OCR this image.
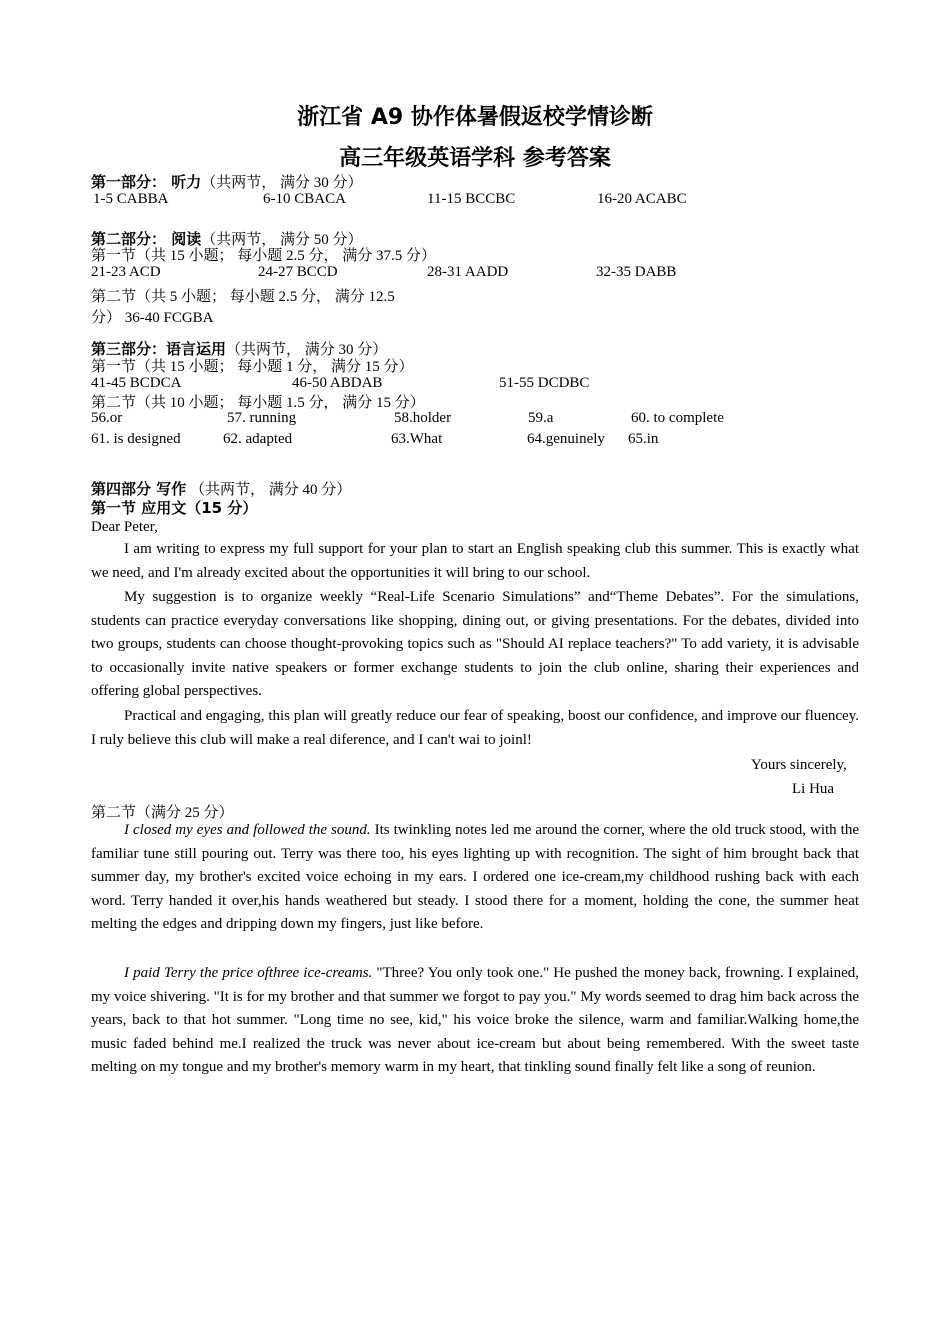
浙江省 A9 协作体暑假返校学情诊断
高三年级英语学科 参考答案
第一部分： 听力（共两节， 满分 30 分）
1-5 CABBA	6-10 CBACA	11-15 BCCBC	16-20 ACABC
第二部分： 阅读（共两节， 满分 50 分）
第一节（共 15 小题； 每小题 2.5 分， 满分 37.5 分）
21-23 ACD	24-27 BCCD	28-31 AADD	32-35 DABB
第二节（共 5 小题； 每小题 2.5 分， 满分 12.5
分） 36-40 FCGBA
第三部分：语言运用（共两节， 满分 30 分）
第一节（共 15 小题； 每小题 1 分， 满分 15 分）
41-45 BCDCA	46-50 ABDAB	51-55 DCDBC
第二节（共 10 小题； 每小题 1.5 分， 满分 15 分）
56.or	57. running	58.holder	59.a	60. to complete
61. is designed	62. adapted	63.What	64.genuinely 65.in
第四部分 写作 （共两节， 满分 40 分）
第一节 应用文（15 分）
Dear Peter,
I am writing to express my full support for your plan to start an English speaking club this summer. This is exactly what we need, and I'm already excited about the opportunities it will bring to our school.
My suggestion is to organize weekly “Real-Life Scenario Simulations” and“Theme Debates”. For the simulations, students can practice everyday conversations like shopping, dining out, or giving presentations. For the debates, divided into two groups, students can choose thought-provoking topics such as "Should AI replace teachers?" To add variety, it is advisable to occasionally invite native speakers or former exchange students to join the club online, sharing their experiences and offering global perspectives.
Practical and engaging, this plan will greatly reduce our fear of speaking, boost our confidence, and improve our fluencey. I ruly believe this club will make a real diference, and I can't wai to joinl!
Yours sincerely,
Li Hua
第二节（满分 25 分）
I closed my eyes and followed the sound. Its twinkling notes led me around the corner, where the old truck stood, with the familiar tune still pouring out. Terry was there too, his eyes lighting up with recognition. The sight of him brought back that summer day, my brother's excited voice echoing in my ears. I ordered one ice-cream,my childhood rushing back with each word. Terry handed it over,his hands weathered but steady. I stood there for a moment, holding the cone, the summer heat melting the edges and dripping down my fingers, just like before.
I paid Terry the price ofthree ice-creams. "Three? You only took one." He pushed the money back, frowning. I explained, my voice shivering. "It is for my brother and that summer we forgot to pay you." My words seemed to drag him back across the years, back to that hot summer. "Long time no see, kid," his voice broke the silence, warm and familiar.Walking home,the music faded behind me.I realized the truck was never about ice-cream but about being remembered. With the sweet taste melting on my tongue and my brother's memory warm in my heart, that tinkling sound finally felt like a song of reunion.
